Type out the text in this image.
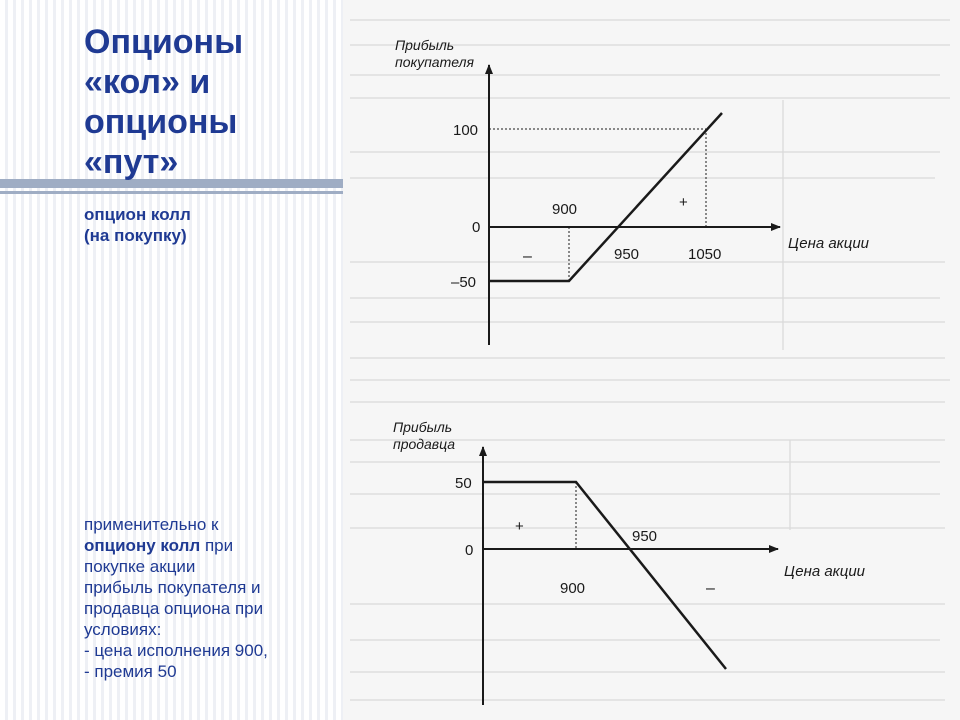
Опционы
«кол» и
опционы
«пут»
опцион колл
(на покупку)
применительно к
опциону колл при
покупке акции
прибыль покупателя и
продавца опциона при
условиях:
- цена исполнения 900,
- премия 50
Прибыль
покупателя
Цена акции
100
0
–50
900
950	1050
–
+
Прибыль
продавца
Цена акции
50
0
950
900
+
–
